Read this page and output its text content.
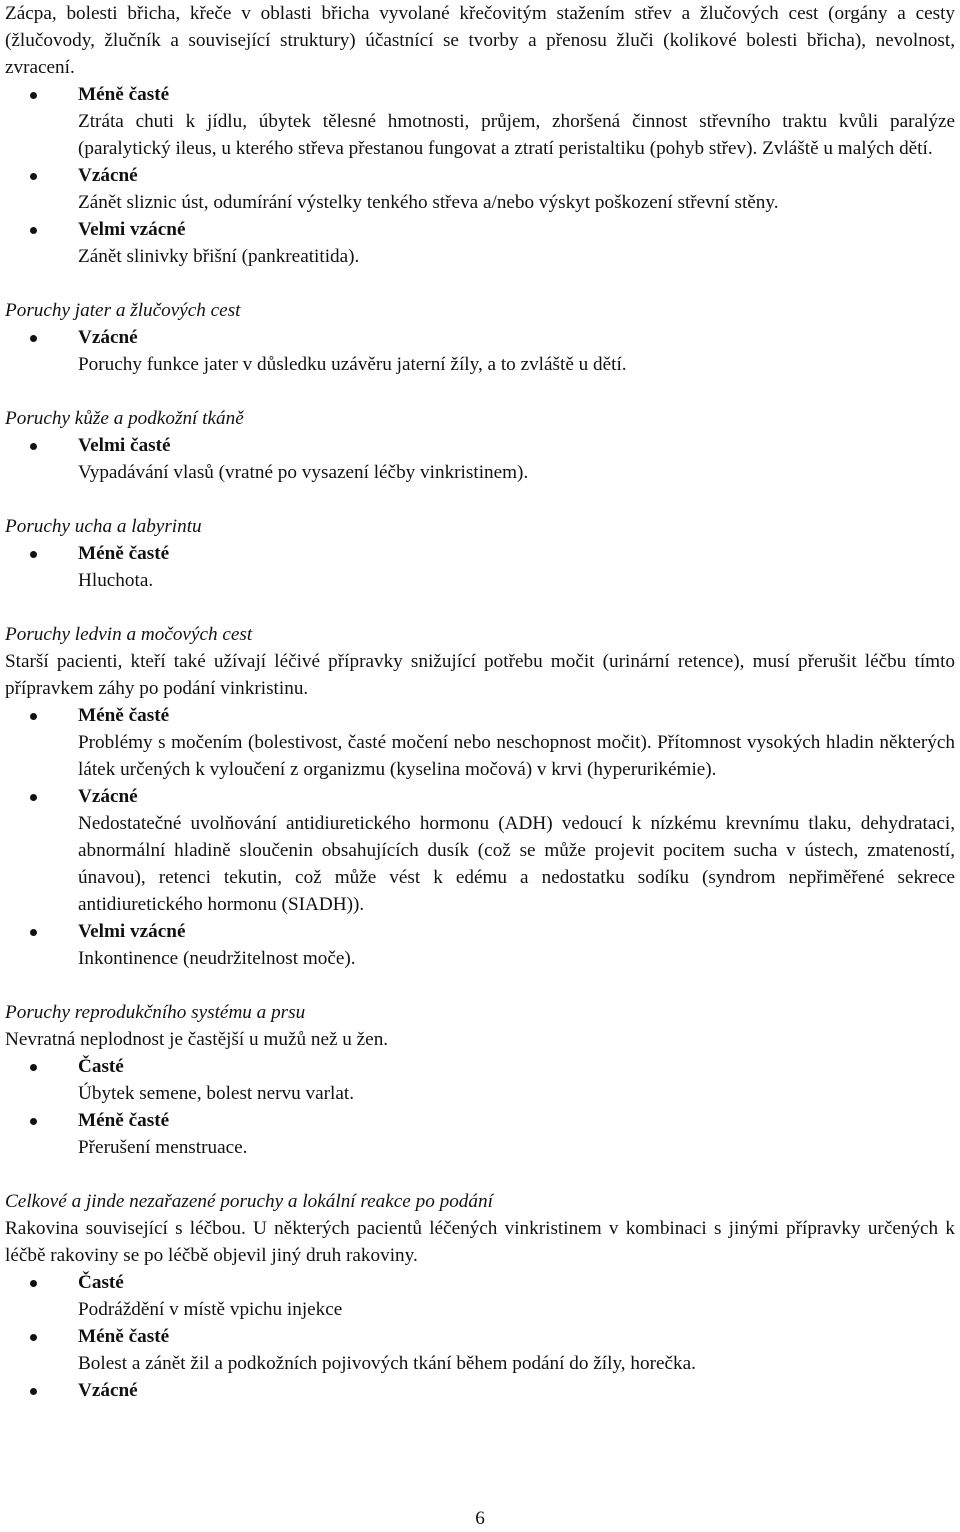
Zácpa, bolesti břicha, křeče v oblasti břicha vyvolané křečovitým stažením střev a žlučových cest (orgány a cesty (žlučovody, žlučník a související struktury) účastnící se tvorby a přenosu žluči (kolikové bolesti břicha), nevolnost, zvracení.

Méně časté
Ztráta chuti k jídlu, úbytek tělesné hmotnosti, průjem, zhoršená činnost střevního traktu kvůli paralýze (paralytický ileus, u kterého střeva přestanou fungovat a ztratí peristaltiku (pohyb střev). Zvláště u malých dětí.
Vzácné
Zánět sliznic úst, odumírání výstelky tenkého střeva a/nebo výskyt poškození střevní stěny.
Velmi vzácné
Zánět slinivky břišní (pankreatitida).
Poruchy jater a žlučových cest
Vzácné
Poruchy funkce jater v důsledku uzávěru jaterní žíly, a to zvláště u dětí.
Poruchy kůže a podkožní tkáně
Velmi časté
Vypadávání vlasů (vratné po vysazení léčby vinkristinem).
Poruchy ucha a labyrintu
Méně časté
Hluchota.
Poruchy ledvin a močových cest
Starší pacienti, kteří také užívají léčivé přípravky snižující potřebu močit (urinární retence), musí přerušit léčbu tímto přípravkem záhy po podání vinkristinu.
Méně časté
Problémy s močením (bolestivost, časté močení nebo neschopnost močit). Přítomnost vysokých hladin některých látek určených k vyloučení z organizmu (kyselina močová) v krvi (hyperurikémie).
Vzácné
Nedostatečné uvolňování antidiuretického hormonu (ADH) vedoucí k nízkému krevnímu tlaku, dehydrataci, abnormální hladině sloučenin obsahujících dusík (což se může projevit pocitem sucha v ústech, zmateností, únavou), retenci tekutin, což může vést k edému a nedostatku sodíku (syndrom nepřiměřené sekrece antidiuretického hormonu (SIADH)).
Velmi vzácné
Inkontinence (neudržitelnost moče).
Poruchy reprodukčního systému a prsu
Nevratná neplodnost je častější u mužů než u žen.
Časté
Úbytek semene, bolest nervu varlat.
Méně časté
Přerušení menstruace.
Celkové a jinde nezařazené poruchy a lokální reakce po podání
Rakovina související s léčbou. U některých pacientů léčených vinkristinem v kombinaci s jinými přípravky určených k léčbě rakoviny se po léčbě objevil jiný druh rakoviny.
Časté
Podráždění v místě vpichu injekce
Méně časté
Bolest a zánět žil a podkožních pojivových tkání během podání do žíly, horečka.
Vzácné
6
